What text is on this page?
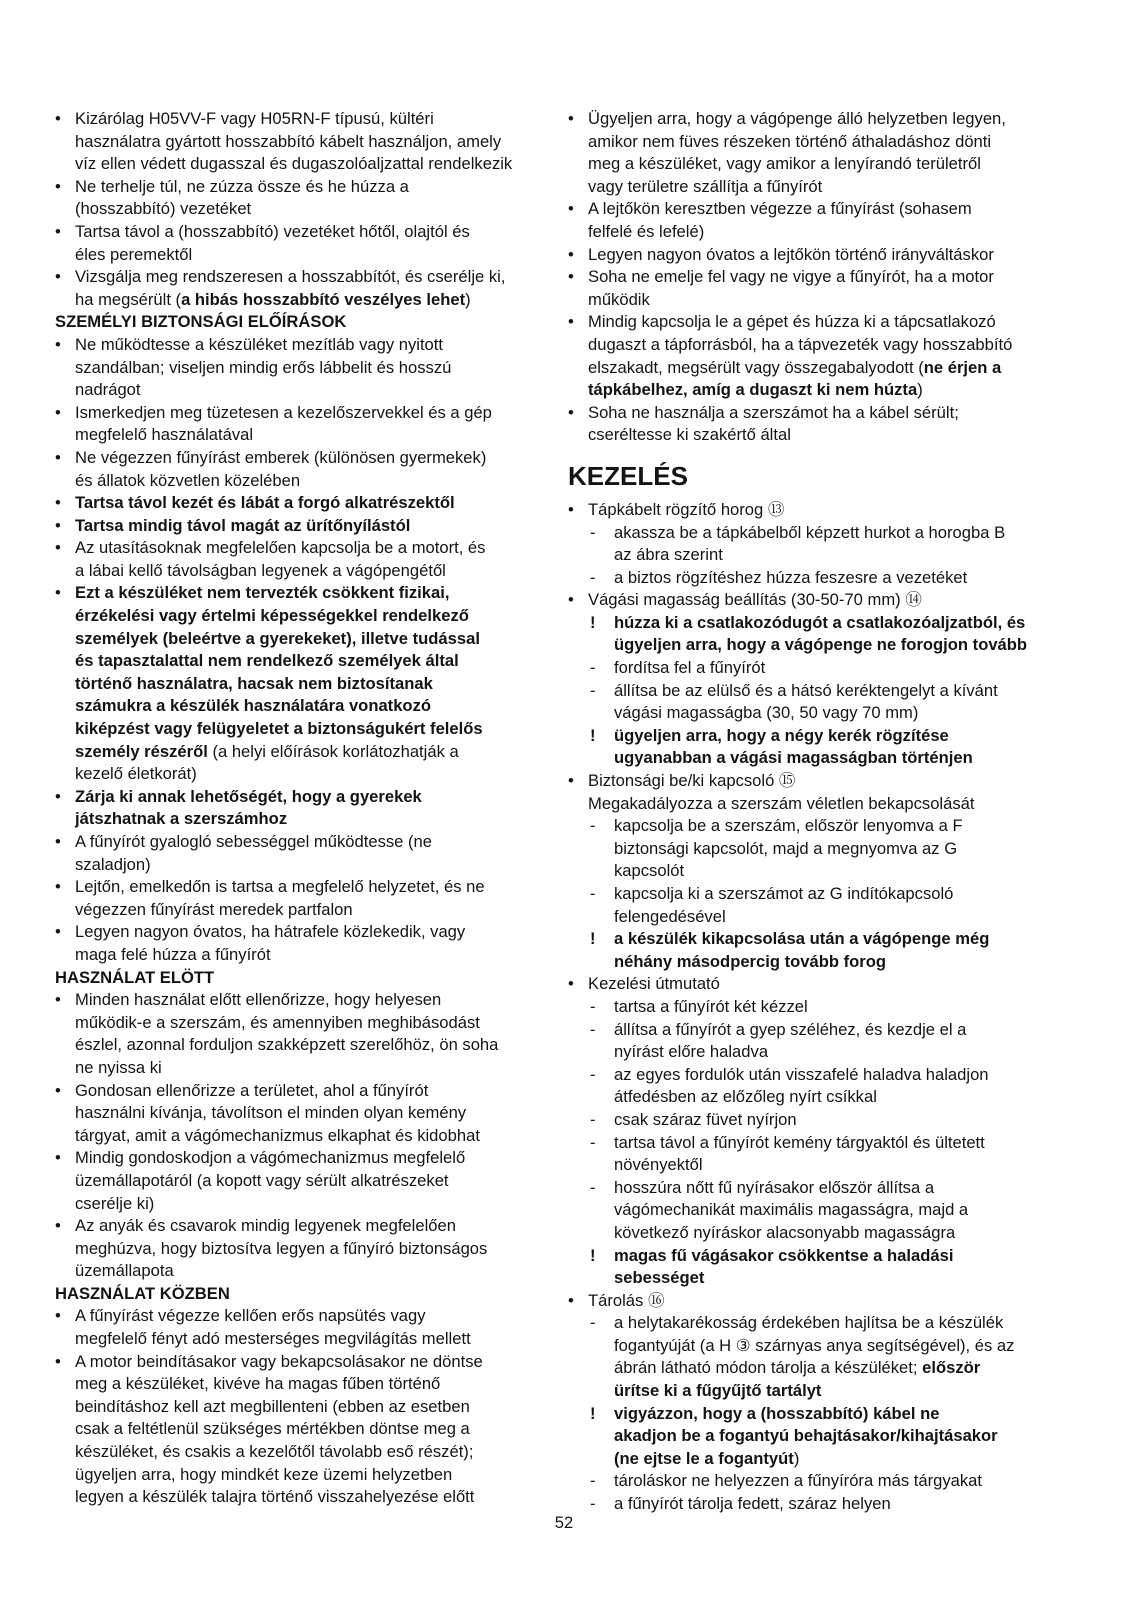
• Kizárólag H05VV-F vagy H05RN-F típusú, kültéri
használatra gyártott hosszabbító kábelt használjon, amely
víz ellen védett dugasszal és dugaszolóaljzattal rendelkezik
• Ne terhelje túl, ne zúzza össze és he húzza a
(hosszabbító) vezetéket
• Tartsa távol a (hosszabbító) vezetéket hőtől, olajtól és
éles peremektől
• Vizsgálja meg rendszeresen a hosszabbítót, és cserélje ki,
ha megsérült (a hibás hosszabbító veszélyes lehet)
SZEMÉLYI BIZTONSÁGI ELŐÍRÁSOK
• Ne működtesse a készüléket mezítláb vagy nyitott
szandálban; viseljen mindig erős lábbelit és hosszú
nadrágot
• Ismerkedjen meg tüzetesen a kezelőszervekkel és a gép
megfelelő használatával
• Ne végezzen fűnyírást emberek (különösen gyermekek)
és állatok közvetlen közelében
• Tartsa távol kezét és lábát a forgó alkatrészektől
• Tartsa mindig távol magát az ürítőnyílástól
• Az utasításoknak megfelelően kapcsolja be a motort, és
a lábai kellő távolságban legyenek a vágópengétől
• Ezt a készüléket nem tervezték csökkent fizikai,
érzékelési vagy értelmi képességekkel rendelkező
személyek (beleértve a gyerekeket), illetve tudással
és tapasztalattal nem rendelkező személyek által
történő használatra, hacsak nem biztosítanak
számukra a készülék használatára vonatkozó
kiképzést vagy felügyeletet a biztonságukért felelős
személy részéről (a helyi előírások korlátozhatják a
kezelő életkorát)
• Zárja ki annak lehetőségét, hogy a gyerekek
játszhatnak a szerszámhoz
• A fűnyírót gyalogló sebességgel működtesse (ne
szaladjon)
• Lejtőn, emelkedőn is tartsa a megfelelő helyzetet, és ne
végezzen fűnyírást meredek partfalon
• Legyen nagyon óvatos, ha hátrafele közlekedik, vagy
maga felé húzza a fűnyírót
HASZNÁLAT ELÖTT
• Minden használat előtt ellenőrizze, hogy helyesen
működik-e a szerszám, és amennyiben meghibásodást
észlel, azonnal forduljon szakképzett szerelőhöz, ön soha
ne nyissa ki
• Gondosan ellenőrizze a területet, ahol a fűnyírót
használni kívánja, távolítson el minden olyan kemény
tárgyat, amit a vágómechanizmus elkaphat és kidobhat
• Mindig gondoskodjon a vágómechanizmus megfelelő
üzemállapotáról (a kopott vagy sérült alkatrészeket
cserélje ki)
• Az anyák és csavarok mindig legyenek megfelelően
meghúzva, hogy biztosítva legyen a fűnyíró biztonságos
üzemállapota
HASZNÁLAT KÖZBEN
• A fűnyírást végezze kellően erős napsütés vagy
megfelelő fényt adó mesterséges megvilágítás mellett
• A motor beindításakor vagy bekapcsolásakor ne döntse
meg a készüléket, kivéve ha magas fűben történő
beindításhoz kell azt megbillenteni (ebben az esetben
csak a feltétlenül szükséges mértékben döntse meg a
készüléket, és csakis a kezelőtől távolabb eső részét);
ügyeljen arra, hogy mindkét keze üzemi helyzetben
legyen a készülék talajra történő visszahelyezése előtt
• Ügyeljen arra, hogy a vágópenge álló helyzetben legyen,
amikor nem füves részeken történő áthaladáshoz dönti
meg a készüléket, vagy amikor a lenyírandó területről
vagy területre szállítja a fűnyírót
• A lejtőkön keresztben végezze a fűnyírást (sohasem
felfelé és lefelé)
• Legyen nagyon óvatos a lejtőkön történő irányváltáskor
• Soha ne emelje fel vagy ne vigye a fűnyírót, ha a motor
működik
• Mindig kapcsolja le a gépet és húzza ki a tápcsatlakozó
dugaszt a tápforrásból, ha a tápvezeték vagy hosszabbító
elszakadt, megsérült vagy összegabalyodott (ne érjen a
tápkábelhez, amíg a dugaszt ki nem húzta)
• Soha ne használja a szerszámot ha a kábel sérült;
cseréltesse ki szakértő által
KEZELÉS
• Tápkábelt rögzítő horog ⑬
- akassza be a tápkábelből képzett hurkot a horogba B
az ábra szerint
- a biztos rögzítéshez húzza feszesre a vezetéket
• Vágási magasság beállítás (30-50-70 mm) ⑭
! húzza ki a csatlakozódugót a csatlakozóaljzatból, és
ügyeljen arra, hogy a vágópenge ne forogjon tovább
- fordítsa fel a fűnyírót
- állítsa be az elülső és a hátsó keréktengelyt a kívánt
vágási magasságba (30, 50 vagy 70 mm)
! ügyeljen arra, hogy a négy kerék rögzítése
ugyanabban a vágási magasságban történjen
• Biztonsági be/ki kapcsoló ⑮
Megakadályozza a szerszám véletlen bekapcsolását
- kapcsolja be a szerszám, először lenyomva a F
biztonsági kapcsolót, majd a megnyomva az G
kapcsolót
- kapcsolja ki a szerszámot az G indítókapcsoló
felengedésével
! a készülék kikapcsolása után a vágópenge még
néhány másodpercig tovább forog
• Kezelési útmutató
- tartsa a fűnyírót két kézzel
- állítsa a fűnyírót a gyep széléhez, és kezdje el a
nyírást előre haladva
- az egyes fordulók után visszafelé haladva haladjon
átfedésben az előzőleg nyírt csíkkal
- csak száraz füvet nyírjon
- tartsa távol a fűnyírót kemény tárgyaktól és ültetett
növényektől
- hosszúra nőtt fű nyírásakor először állítsa a
vágómechanikát maximális magasságra, majd a
következő nyíráskor alacsonyabb magasságra
! magas fű vágásakor csökkentse a haladási
sebességet
• Tárolás ⑯
- a helytakarékosság érdekében hajlítsa be a készülék
fogantyúját (a H ③ szárnyas anya segítségével), és az
ábrán látható módon tárolja a készüléket; először
ürítse ki a fűgyűjtő tartályt
! vigyázzon, hogy a (hosszabbító) kábel ne
akadjon be a fogantyú behajtásakor/kihajtásakor
(ne ejtse le a fogantyút)
- tároláskor ne helyezzen a fűnyíróra más tárgyakat
- a fűnyírót tárolja fedett, száraz helyen
52
